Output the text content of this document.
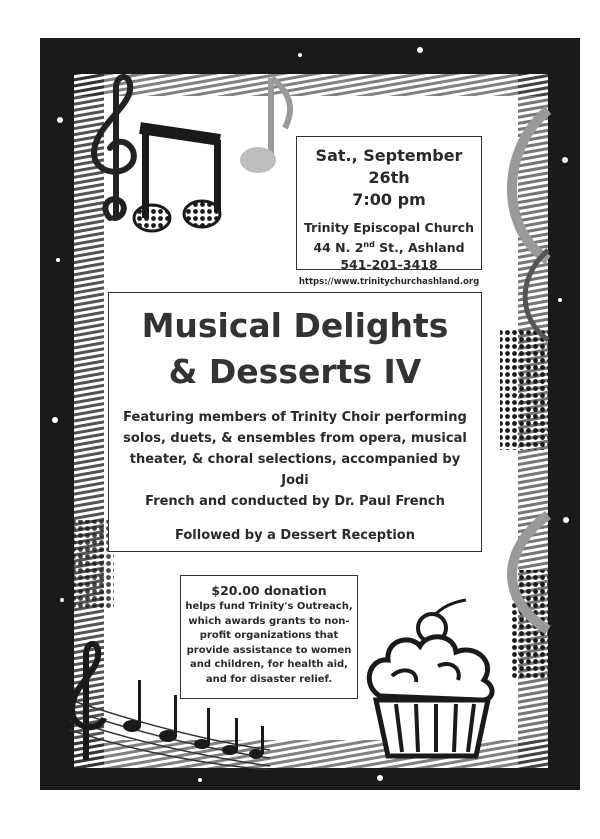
Sat., September 26th
7:00 pm
Trinity Episcopal Church
44 N. 2nd St., Ashland
541-201-3418
https://www.trinitychurchashland.org
Musical Delights
& Desserts IV
Featuring members of Trinity Choir performing
solos, duets, & ensembles from opera, musical
theater, & choral selections, accompanied by Jodi
French and conducted by Dr. Paul French
Followed by a Dessert Reception
$20.00 donation
helps fund Trinity's Outreach,
which awards grants to non-
profit organizations that
provide assistance to women
and children, for health aid,
and for disaster relief.
